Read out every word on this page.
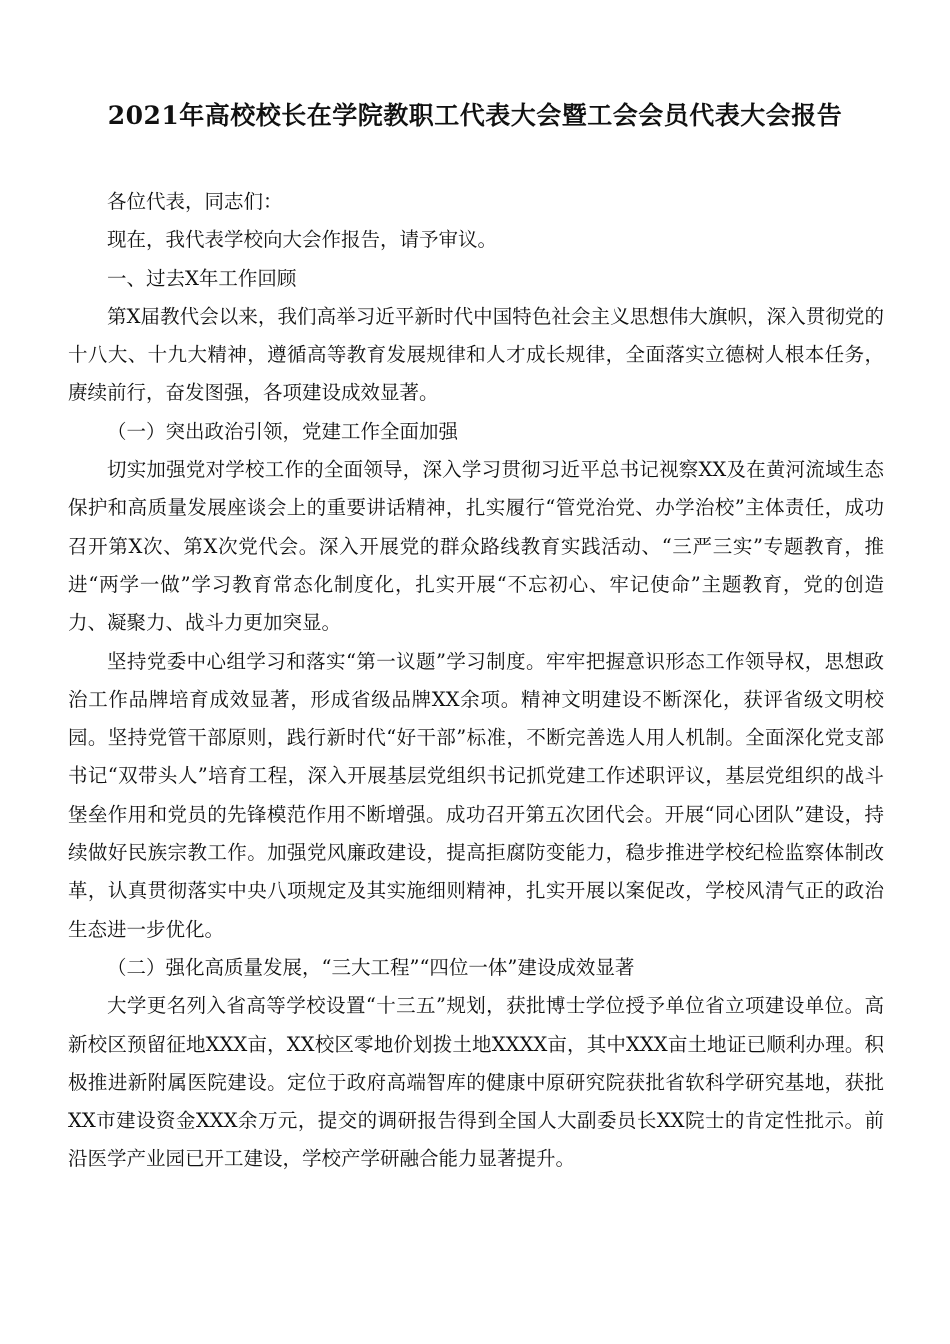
2021年高校校长在学院教职工代表大会暨工会会员代表大会报告

各位代表，同志们：

现在，我代表学校向大会作报告，请予审议。

一、过去X年工作回顾

第X届教代会以来，我们高举习近平新时代中国特色社会主义思想伟大旗帜，深入贯彻党的十八大、十九大精神，遵循高等教育发展规律和人才成长规律，全面落实立德树人根本任务，赓续前行，奋发图强，各项建设成效显著。

（一）突出政治引领，党建工作全面加强

切实加强党对学校工作的全面领导，深入学习贯彻习近平总书记视察XX及在黄河流域生态保护和高质量发展座谈会上的重要讲话精神，扎实履行“管党治党、办学治校”主体责任，成功召开第X次、第X次党代会。深入开展党的群众路线教育实践活动、“三严三实”专题教育，推进“两学一做”学习教育常态化制度化，扎实开展“不忘初心、牢记使命”主题教育，党的创造力、凝聚力、战斗力更加突显。

坚持党委中心组学习和落实“第一议题”学习制度。牢牢把握意识形态工作领导权，思想政治工作品牌培育成效显著，形成省级品牌XX余项。精神文明建设不断深化，获评省级文明校园。坚持党管干部原则，践行新时代“好干部”标准，不断完善选人用人机制。全面深化党支部书记“双带头人”培育工程，深入开展基层党组织书记抓党建工作述职评议，基层党组织的战斗堡垒作用和党员的先锋模范作用不断增强。成功召开第五次团代会。开展“同心团队”建设，持续做好民族宗教工作。加强党风廉政建设，提高拒腐防变能力，稳步推进学校纪检监察体制改革，认真贯彻落实中央八项规定及其实施细则精神，扎实开展以案促改，学校风清气正的政治生态进一步优化。

（二）强化高质量发展，“三大工程”“四位一体”建设成效显著

大学更名列入省高等学校设置“十三五”规划，获批博士学位授予单位省立项建设单位。高新校区预留征地XXX亩，XX校区零地价划拨土地XXXX亩，其中XXX亩土地证已顺利办理。积极推进新附属医院建设。定位于政府高端智库的健康中原研究院获批省软科学研究基地，获批XX市建设资金XXX余万元，提交的调研报告得到全国人大副委员长XX院士的肯定性批示。前沿医学产业园已开工建设，学校产学研融合能力显著提升。
